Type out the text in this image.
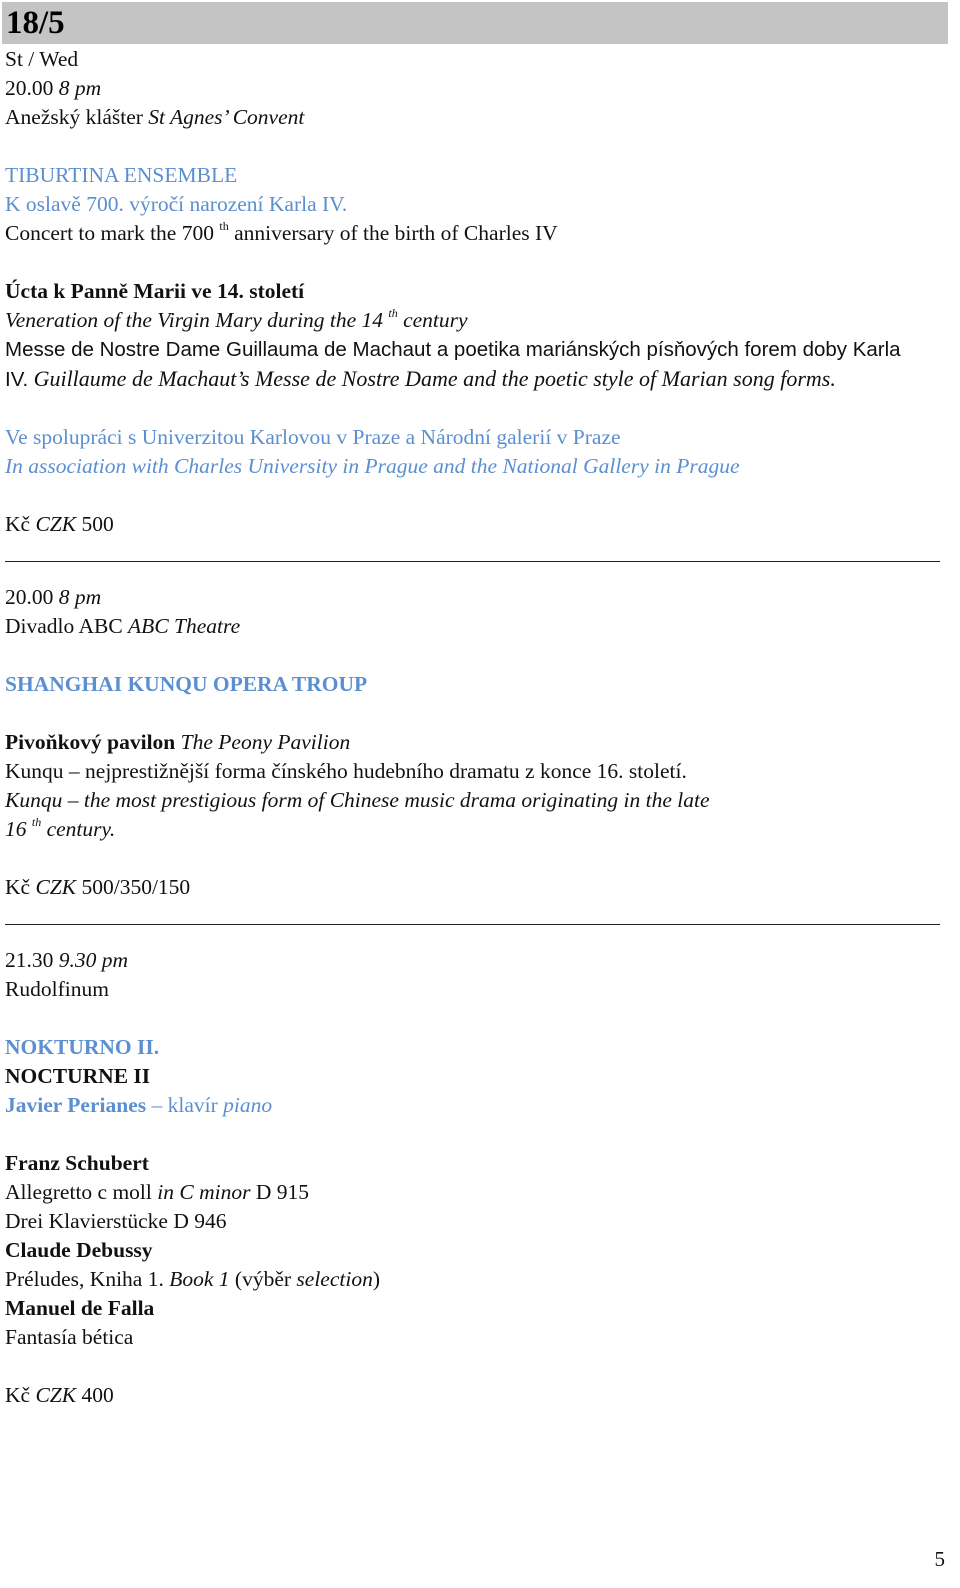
18/5
St / Wed
20.00 8 pm
Anežský klášter St Agnes’ Convent
TIBURTINA ENSEMBLE
K oslavě 700. výročí narození Karla IV.
Concert to mark the 700 $^{th}$ anniversary of the birth of Charles IV
Úcta k Panně Marii ve 14. století
Veneration of the Virgin Mary during the 14 $^{th}$ century
Messe de Nostre Dame Guillauma de Machaut a poetika mariánských písňových forem doby Karla IV. Guillaume de Machaut’s Messe de Nostre Dame and the poetic style of Marian song forms.
Ve spolupráci s Univerzitou Karlovou v Praze a Národní galerií v Praze
In association with Charles University in Prague and the National Gallery in Prague
Kč CZK 500
20.00 8 pm
Divadlo ABC ABC Theatre
SHANGHAI KUNQU OPERA TROUP
Pivoňkový pavilon The Peony Pavilion
Kunqu – nejprestižnější forma čínského hudebního dramatu z konce 16. století.
Kunqu – the most prestigious form of Chinese music drama originating in the late
16 $^{th}$ century.
Kč CZK 500/350/150
21.30 9.30 pm
Rudolfinum
NOKTURNO II.
NOCTURNE II
Javier Perianes – klavír piano
Franz Schubert
Allegretto c moll in C minor D 915
Drei Klavierstücke D 946
Claude Debussy
Préludes, Kniha 1. Book 1 (výběr selection)
Manuel de Falla
Fantasía bética
Kč CZK 400
5
